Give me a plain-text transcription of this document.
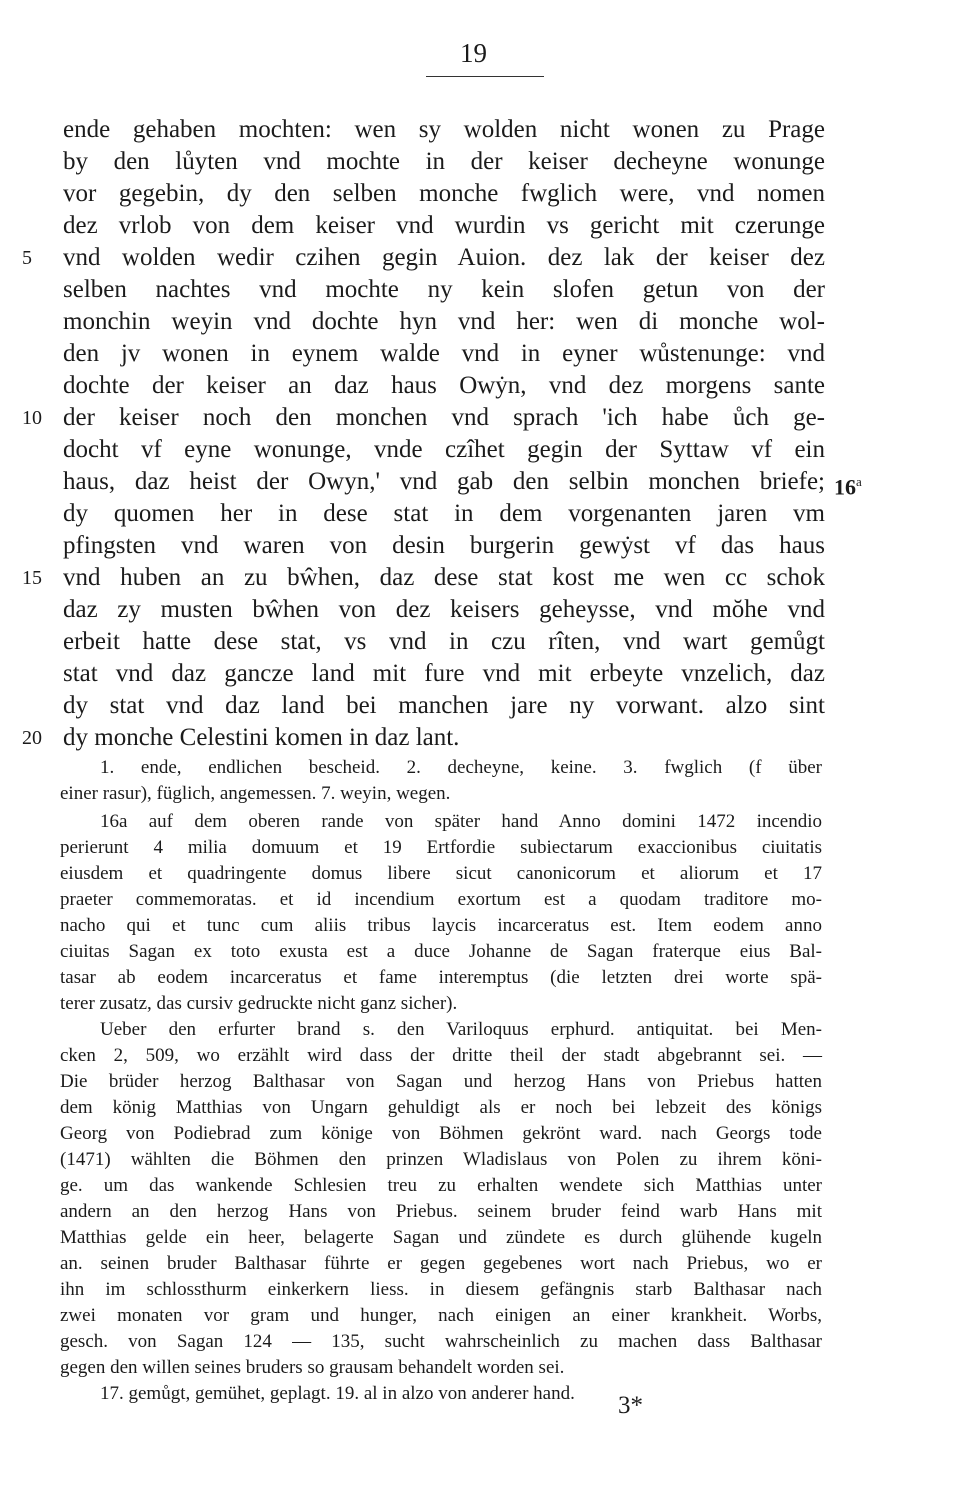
19
ende gehaben mochten: wen sy wolden nicht wonen zu Prage
by den lůyten vnd mochte in der keiser decheyne wonunge
vor gegebin, dy den selben monche fwglich were, vnd nomen
dez vrlob von dem keiser vnd wurdin vs gericht mit czerunge
5	vnd wolden wedir czihen gegin Auion. dez lak der keiser dez
selben nachtes vnd mochte ny kein slofen getun von der
monchin weyin vnd dochte hyn vnd her: wen di monche wol-
den jv wonen in eynem walde vnd in eyner wůstenunge: vnd
dochte der keiser an daz haus Owẏn, vnd dez morgens sante
10 der keiser noch den monchen vnd sprach 'ich habe ůch ge-
docht vf eyne wonunge, vnde czîhet gegin der Syttaw vf ein
haus, daz heist der Owyn,' vnd gab den selbin monchen briefe; 16$^a$
dy quomen her in dese stat in dem vorgenanten jaren vm
pfingsten vnd waren von desin burgerin gewẏst vf das haus
15 vnd huben an zu bŵhen, daz dese stat kost me wen cc schok
daz zy musten bŵhen von dez keisers geheysse, vnd mŏhe vnd
erbeit hatte dese stat, vs vnd in czu rîten, vnd wart gemůgt
stat vnd daz gancze land mit fure vnd mit erbeyte vnzelich, daz
dy stat vnd daz land bei manchen jare ny vorwant. alzo sint
20 dy monche Celestini komen in daz lant.
1. ende, endlichen bescheid. 2. decheyne, keine. 3. fwglich (f über
einer rasur), füglich, angemessen. 7. weyin, wegen.
16a auf dem oberen rande von später hand Anno domini 1472 incendio
perierunt 4 milia domuum et 19 Ertfordie subiectarum exaccionibus ciuitatis
eiusdem et quadringente domus libere sicut canonicorum et aliorum et 17
praeter commemoratas. et id incendium exortum est a quodam traditore mo-
nacho qui et tunc cum aliis tribus laycis incarceratus est. Item eodem anno
ciuitas Sagan ex toto exusta est a duce Johanne de Sagan fraterque eius Bal-
tasar ab eodem incarceratus et fame interemptus (die letzten drei worte spä-
terer zusatz, das cursiv gedruckte nicht ganz sicher).
Ueber den erfurter brand s. den Variloquus erphurd. antiquitat. bei Men-
cken 2, 509, wo erzählt wird dass der dritte theil der stadt abgebrannt sei. —
Die brüder herzog Balthasar von Sagan und herzog Hans von Priebus hatten
dem könig Matthias von Ungarn gehuldigt als er noch bei lebzeit des königs
Georg von Podiebrad zum könige von Böhmen gekrönt ward. nach Georgs tode
(1471) wählten die Böhmen den prinzen Wladislaus von Polen zu ihrem köni-
ge. um das wankende Schlesien treu zu erhalten wendete sich Matthias unter
andern an den herzog Hans von Priebus. seinem bruder feind warb Hans mit
Matthias gelde ein heer, belagerte Sagan und zündete es durch glühende kugeln
an. seinen bruder Balthasar führte er gegen gegebenes wort nach Priebus, wo er
ihn im schlossthurm einkerkern liess. in diesem gefängnis starb Balthasar nach
zwei monaten vor gram und hunger, nach einigen an einer krankheit. Worbs,
gesch. von Sagan 124 — 135, sucht wahrscheinlich zu machen dass Balthasar
gegen den willen seines bruders so grausam behandelt worden sei.
17. gemůgt, gemühet, geplagt. 19. al in alzo von anderer hand.	3*
